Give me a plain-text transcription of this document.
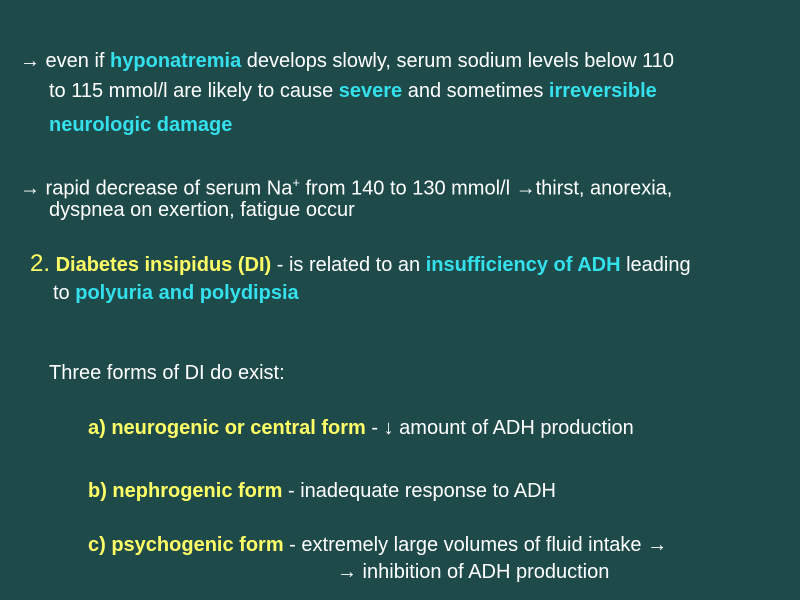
→ even if hyponatremia develops slowly, serum sodium levels below 110
to 115 mmol/l are likely to cause severe and sometimes irreversible
neurologic damage
→ rapid decrease of serum Na+ from 140 to 130 mmol/l →thirst, anorexia,
dyspnea on exertion, fatigue occur
2. Diabetes insipidus (DI) - is related to an insufficiency of ADH leading
to polyuria and polydipsia
Three forms of DI do exist:
a) neurogenic or central form - ↓ amount of ADH production
b) nephrogenic form - inadequate response to ADH
c) psychogenic form - extremely large volumes of fluid intake →
→ inhibition of ADH production
